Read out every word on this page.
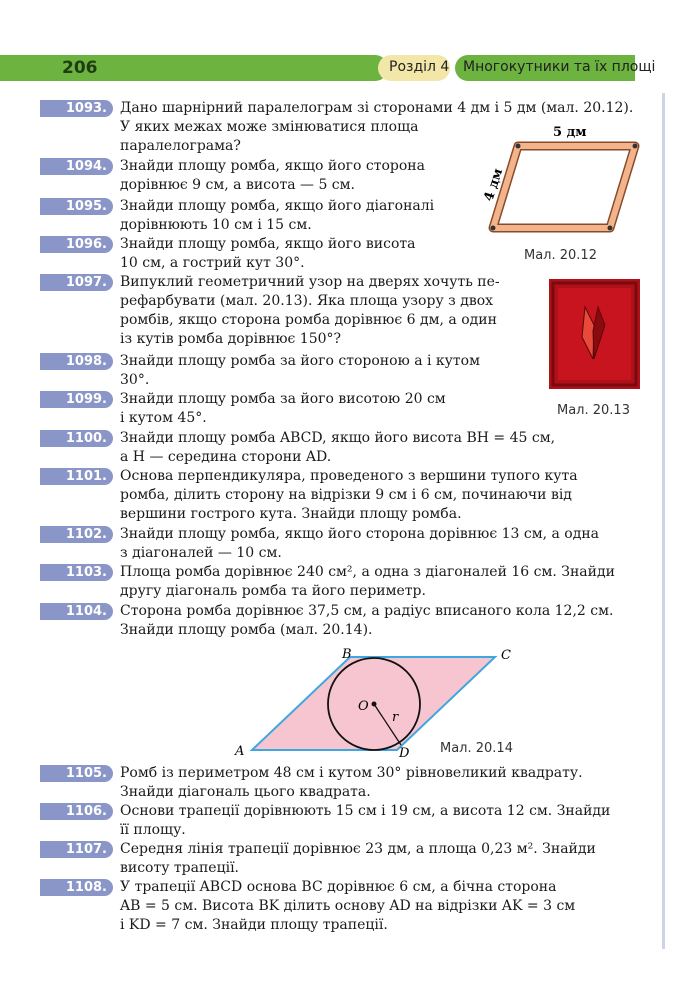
206	Розділ 4 Многокутники та їх площі
1093. Дано шарнірний паралелограм зі сторонами 4 дм і 5 дм (мал. 20.12).
У яких межах може змінюватися площа
паралелограма?
1094. Знайди площу ромба, якщо його сторона
дорівнює 9 см, а висота — 5 см.
1095. Знайди площу ромба, якщо його діагоналі
дорівнюють 10 см і 15 см.
1096. Знайди площу ромба, якщо його висота
10 см, а гострий кут 30°.
1097. Випуклий геометричний узор на дверях хочуть пе-
рефарбувати (мал. 20.13). Яка площа узору з двох
ромбів, якщо сторона ромба дорівнює 6 дм, а один
із кутів ромба дорівнює 150°?
1098. Знайди площу ромба за його стороною a і кутом
30°.
1099. Знайди площу ромба за його висотою 20 см
і кутом 45°.
1100. Знайди площу ромба ABCD, якщо його висота BH = 45 см,
а H — середина сторони AD.
1101. Основа перпендикуляра, проведеного з вершини тупого кута
ромба, ділить сторону на відрізки 9 см і 6 см, починаючи від
вершини гострого кута. Знайди площу ромба.
1102. Знайди площу ромба, якщо його сторона дорівнює 13 см, а одна
з діагоналей — 10 см.
1103. Площа ромба дорівнює 240 см², а одна з діагоналей 16 см. Знайди
другу діагональ ромба та його периметр.
1104. Сторона ромба дорівнює 37,5 см, а радіус вписаного кола 12,2 см.
Знайди площу ромба (мал. 20.14).
1105. Ромб із периметром 48 см і кутом 30° рівновеликий квадрату.
Знайди діагональ цього квадрата.
1106. Основи трапеції дорівнюють 15 см і 19 см, а висота 12 см. Знайди
її площу.
1107. Середня лінія трапеції дорівнює 23 дм, а площа 0,23 м². Знайди
висоту трапеції.
1108. У трапеції ABCD основа BC дорівнює 6 см, а бічна сторона
AB = 5 см. Висота BK ділить основу AD на відрізки AK = 3 см
і KD = 7 см. Знайди площу трапеції.
5 дм
4 дм
Мал. 20.12
Мал. 20.13
A
B	C
D
O
r
Мал. 20.14
